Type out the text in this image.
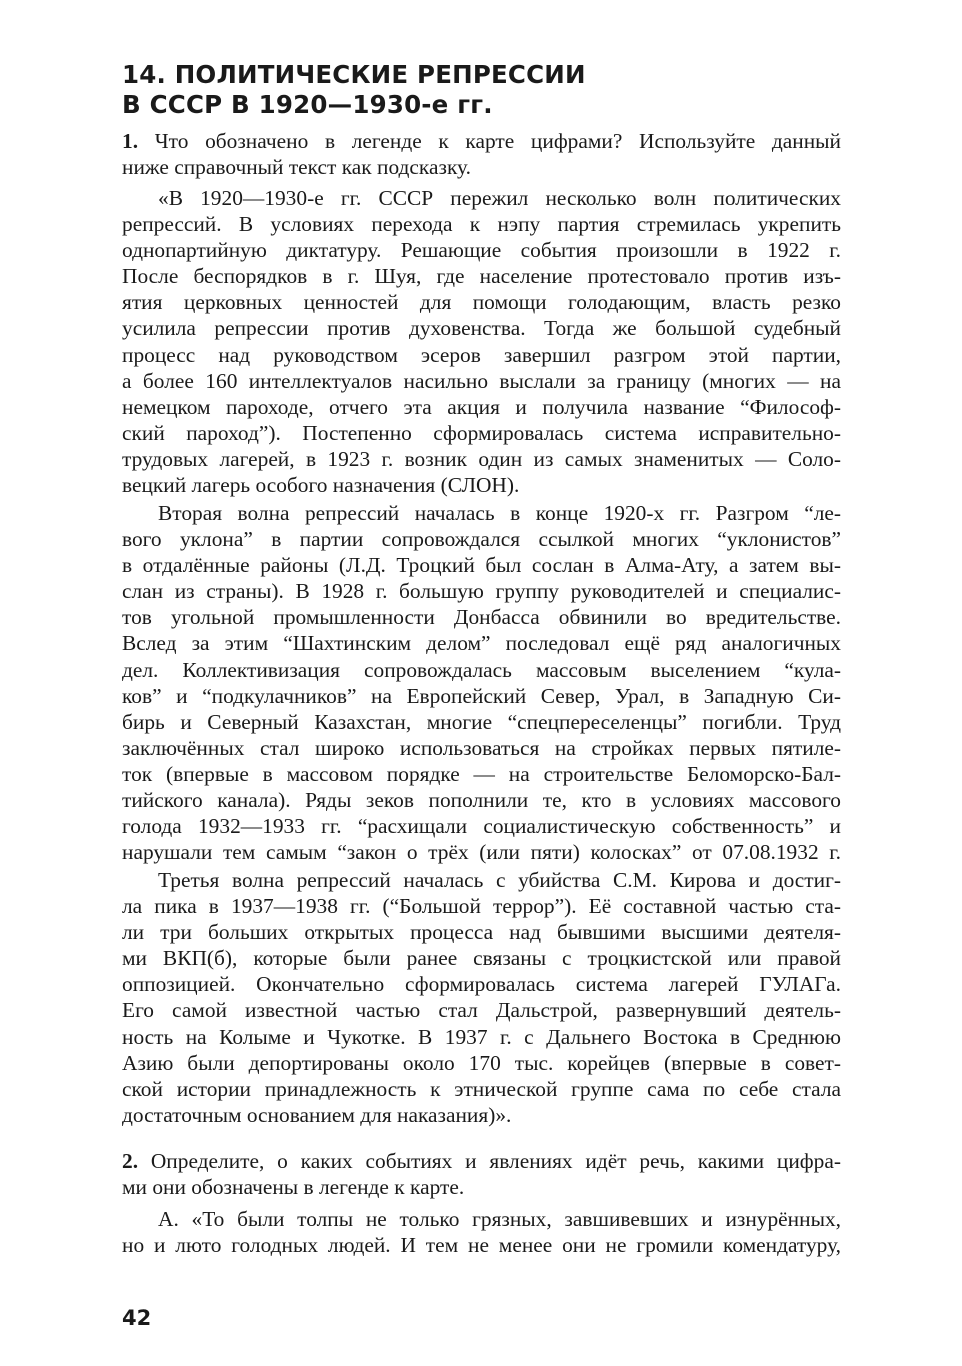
14. ПОЛИТИЧЕСКИЕ РЕПРЕССИИ
В СССР В 1920—1930-е гг.
1. Что обозначено в легенде к карте цифрами? Используйте данный
ниже справочный текст как подсказку.
«В 1920—1930-е гг. СССР пережил несколько волн политических
репрессий. В условиях перехода к нэпу партия стремилась укрепить
однопартийную диктатуру. Решающие события произошли в 1922 г.
После беспорядков в г. Шуя, где население протестовало против изъ-
ятия церковных ценностей для помощи голодающим, власть резко
усилила репрессии против духовенства. Тогда же большой судебный
процесс над руководством эсеров завершил разгром этой партии,
а более 160 интеллектуалов насильно выслали за границу (многих — на
немецком пароходе, отчего эта акция и получила название “Философ-
ский пароход”). Постепенно сформировалась система исправительно-
трудовых лагерей, в 1923 г. возник один из самых знаменитых — Соло-
вецкий лагерь особого назначения (СЛОН).
Вторая волна репрессий началась в конце 1920-х гг. Разгром “ле-
вого уклона” в партии сопровождался ссылкой многих “уклонистов”
в отдалённые районы (Л.Д. Троцкий был сослан в Алма-Ату, а затем вы-
слан из страны). В 1928 г. большую группу руководителей и специалис-
тов угольной промышленности Донбасса обвинили во вредительстве.
Вслед за этим “Шахтинским делом” последовал ещё ряд аналогичных
дел. Коллективизация сопровождалась массовым выселением “кула-
ков” и “подкулачников” на Европейский Север, Урал, в Западную Си-
бирь и Северный Казахстан, многие “спецпереселенцы” погибли. Труд
заключённых стал широко использоваться на стройках первых пятиле-
ток (впервые в массовом порядке — на строительстве Беломорско-Бал-
тийского канала). Ряды зеков пополнили те, кто в условиях массового
голода 1932—1933 гг. “расхищали социалистическую собственность” и
нарушали тем самым “закон о трёх (или пяти) колосках” от 07.08.1932 г.
Третья волна репрессий началась с убийства С.М. Кирова и достиг-
ла пика в 1937—1938 гг. (“Большой террор”). Её составной частью ста-
ли три больших открытых процесса над бывшими высшими деятеля-
ми ВКП(б), которые были ранее связаны с троцкистской или правой
оппозицией. Окончательно сформировалась система лагерей ГУЛАГа.
Его самой известной частью стал Дальстрой, развернувший деятель-
ность на Колыме и Чукотке. В 1937 г. с Дальнего Востока в Среднюю
Азию были депортированы около 170 тыс. корейцев (впервые в совет-
ской истории принадлежность к этнической группе сама по себе стала
достаточным основанием для наказания)».
2. Определите, о каких событиях и явлениях идёт речь, какими цифра-
ми они обозначены в легенде к карте.
А. «То были толпы не только грязных, завшивевших и изнурённых,
но и люто голодных людей. И тем не менее они не громили комендатуру,
42
